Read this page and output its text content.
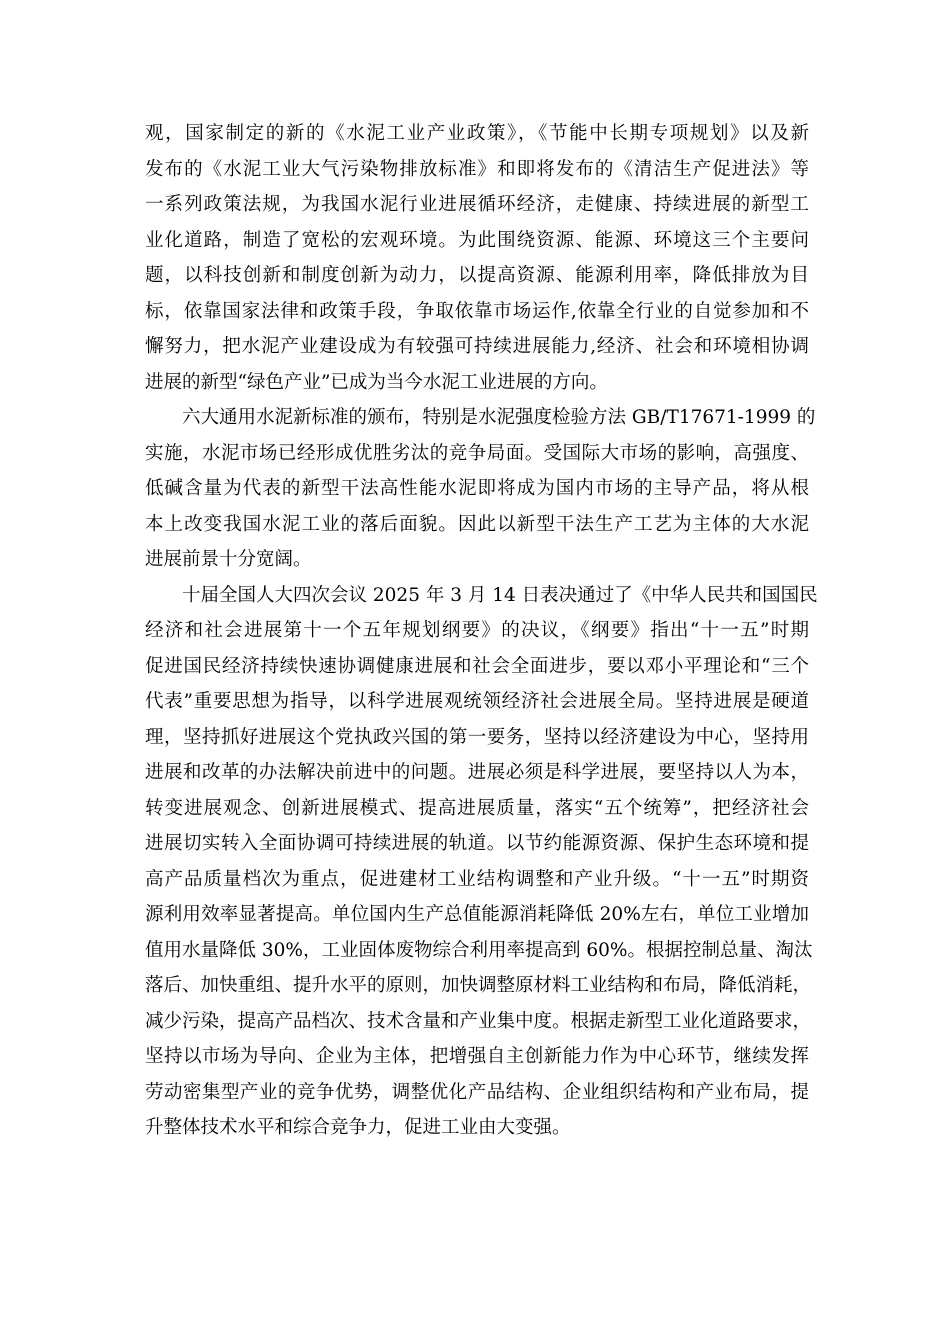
观，国家制定的新的《水泥工业产业政策》，《节能中长期专项规划》以及新
发布的《水泥工业大气污染物排放标准》和即将发布的《清洁生产促进法》等
一系列政策法规，为我国水泥行业进展循环经济，走健康、持续进展的新型工
业化道路，制造了宽松的宏观环境。为此围绕资源、能源、环境这三个主要问
题，以科技创新和制度创新为动力，以提高资源、能源利用率，降低排放为目
标，依靠国家法律和政策手段，争取依靠市场运作,依靠全行业的自觉参加和不
懈努力，把水泥产业建设成为有较强可持续进展能力,经济、社会和环境相协调
进展的新型“绿色产业”已成为当今水泥工业进展的方向。
六大通用水泥新标准的颁布，特别是水泥强度检验方法 GB/T17671-1999 的
实施，水泥市场已经形成优胜劣汰的竞争局面。受国际大市场的影响，高强度、
低碱含量为代表的新型干法高性能水泥即将成为国内市场的主导产品，将从根
本上改变我国水泥工业的落后面貌。因此以新型干法生产工艺为主体的大水泥
进展前景十分宽阔。
十届全国人大四次会议 2025 年 3 月 14 日表决通过了《中华人民共和国国民
经济和社会进展第十一个五年规划纲要》的决议，《纲要》指出“十一五”时期
促进国民经济持续快速协调健康进展和社会全面进步，要以邓小平理论和“三个
代表”重要思想为指导，以科学进展观统领经济社会进展全局。坚持进展是硬道
理，坚持抓好进展这个党执政兴国的第一要务，坚持以经济建设为中心，坚持用
进展和改革的办法解决前进中的问题。进展必须是科学进展，要坚持以人为本，
转变进展观念、创新进展模式、提高进展质量，落实“五个统筹”，把经济社会
进展切实转入全面协调可持续进展的轨道。以节约能源资源、保护生态环境和提
高产品质量档次为重点，促进建材工业结构调整和产业升级。“十一五”时期资
源利用效率显著提高。单位国内生产总值能源消耗降低 20%左右，单位工业增加
值用水量降低 30%，工业固体废物综合利用率提高到 60%。根据控制总量、淘汰
落后、加快重组、提升水平的原则，加快调整原材料工业结构和布局，降低消耗，
减少污染，提高产品档次、技术含量和产业集中度。根据走新型工业化道路要求，
坚持以市场为导向、企业为主体，把增强自主创新能力作为中心环节，继续发挥
劳动密集型产业的竞争优势，调整优化产品结构、企业组织结构和产业布局，提
升整体技术水平和综合竞争力，促进工业由大变强。
